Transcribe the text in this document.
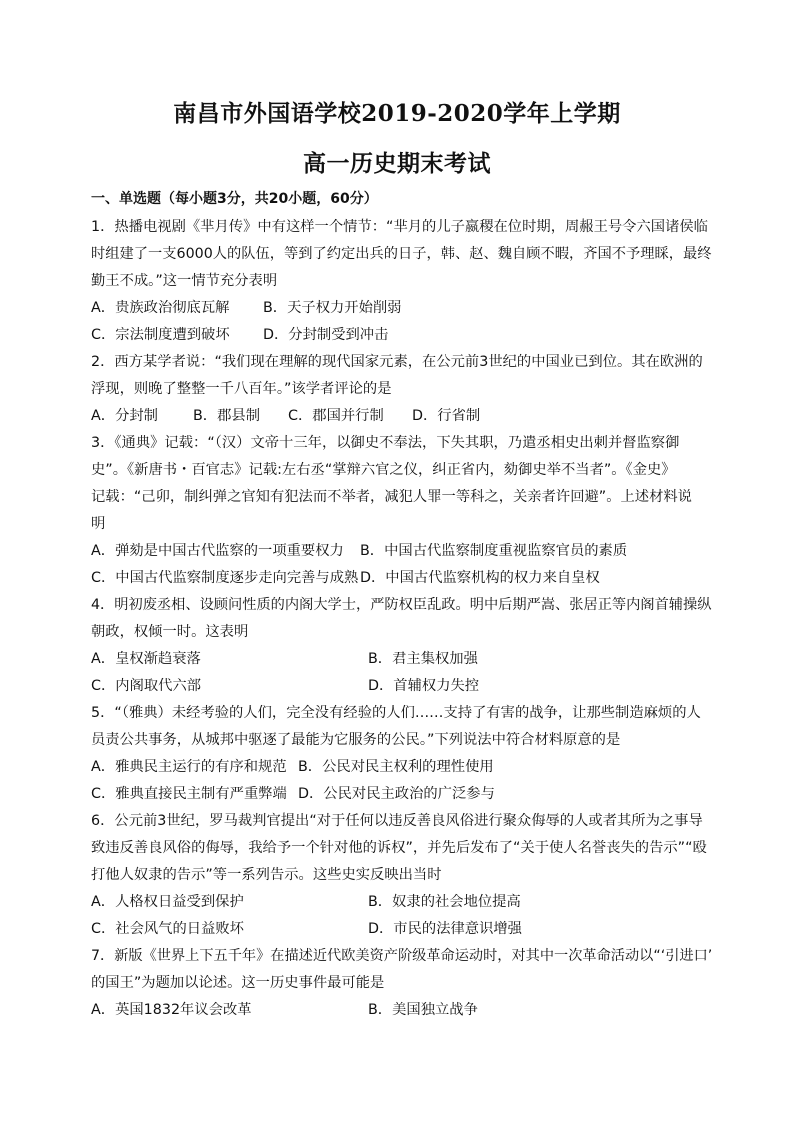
南昌市外国语学校2019-2020学年上学期
高一历史期末考试
一、单选题（每小题3分，共20小题，60分）
1．热播电视剧《芈月传》中有这样一个情节：“芈月的儿子嬴稷在位时期，周赧王号令六国诸侯临
时组建了一支6000人的队伍，等到了约定出兵的日子，韩、赵、魏自顾不暇，齐国不予理睬，最终
勤王不成。”这一情节充分表明
A．贵族政治彻底瓦解 B．天子权力开始削弱
C．宗法制度遭到破坏 D．分封制受到冲击
2．西方某学者说：“我们现在理解的现代国家元素，在公元前3世纪的中国业已到位。其在欧洲的
浮现，则晚了整整一千八百年。”该学者评论的是
A．分封制 B．郡县制 C．郡国并行制 D．行省制
3．《通典》记载：“（汉）文帝十三年，以御史不奉法，下失其职，乃遣丞相史出刺并督监察御
史”。《新唐书・百官志》记载:左右丞“掌辩六官之仪，纠正省内，劾御史举不当者”。《金史》
记载：“己卯，制纠弹之官知有犯法而不举者，减犯人罪一等科之，关亲者许回避”。上述材料说
明
A．弹劾是中国古代监察的一项重要权力 B．中国古代监察制度重视监察官员的素质
C．中国古代监察制度逐步走向完善与成熟 D．中国古代监察机构的权力来自皇权
4．明初废丞相、设顾问性质的内阁大学士，严防权臣乱政。明中后期严嵩、张居正等内阁首辅操纵
朝政，权倾一时。这表明
A．皇权渐趋衰落	B．君主集权加强
C．内阁取代六部	D．首辅权力失控
5．“（雅典）未经考验的人们，完全没有经验的人们……支持了有害的战争，让那些制造麻烦的人
员责公共事务，从城邦中驱逐了最能为它服务的公民。”下列说法中符合材料原意的是
A．雅典民主运行的有序和规范 B．公民对民主权利的理性使用
C．雅典直接民主制有严重弊端 D．公民对民主政治的广泛参与
6．公元前3世纪，罗马裁判官提出“对于任何以违反善良风俗进行聚众侮辱的人或者其所为之事导
致违反善良风俗的侮辱，我给予一个针对他的诉权”，并先后发布了“关于使人名誉丧失的告示”“殴
打他人奴隶的告示”等一系列告示。这些史实反映出当时
A．人格权日益受到保护	B．奴隶的社会地位提高
C．社会风气的日益败坏	D．市民的法律意识增强
7．新版《世界上下五千年》在描述近代欧美资产阶级革命运动时，对其中一次革命活动以“‘引进口’
的国王”为题加以论述。这一历史事件最可能是
A．英国1832年议会改革	B．美国独立战争
